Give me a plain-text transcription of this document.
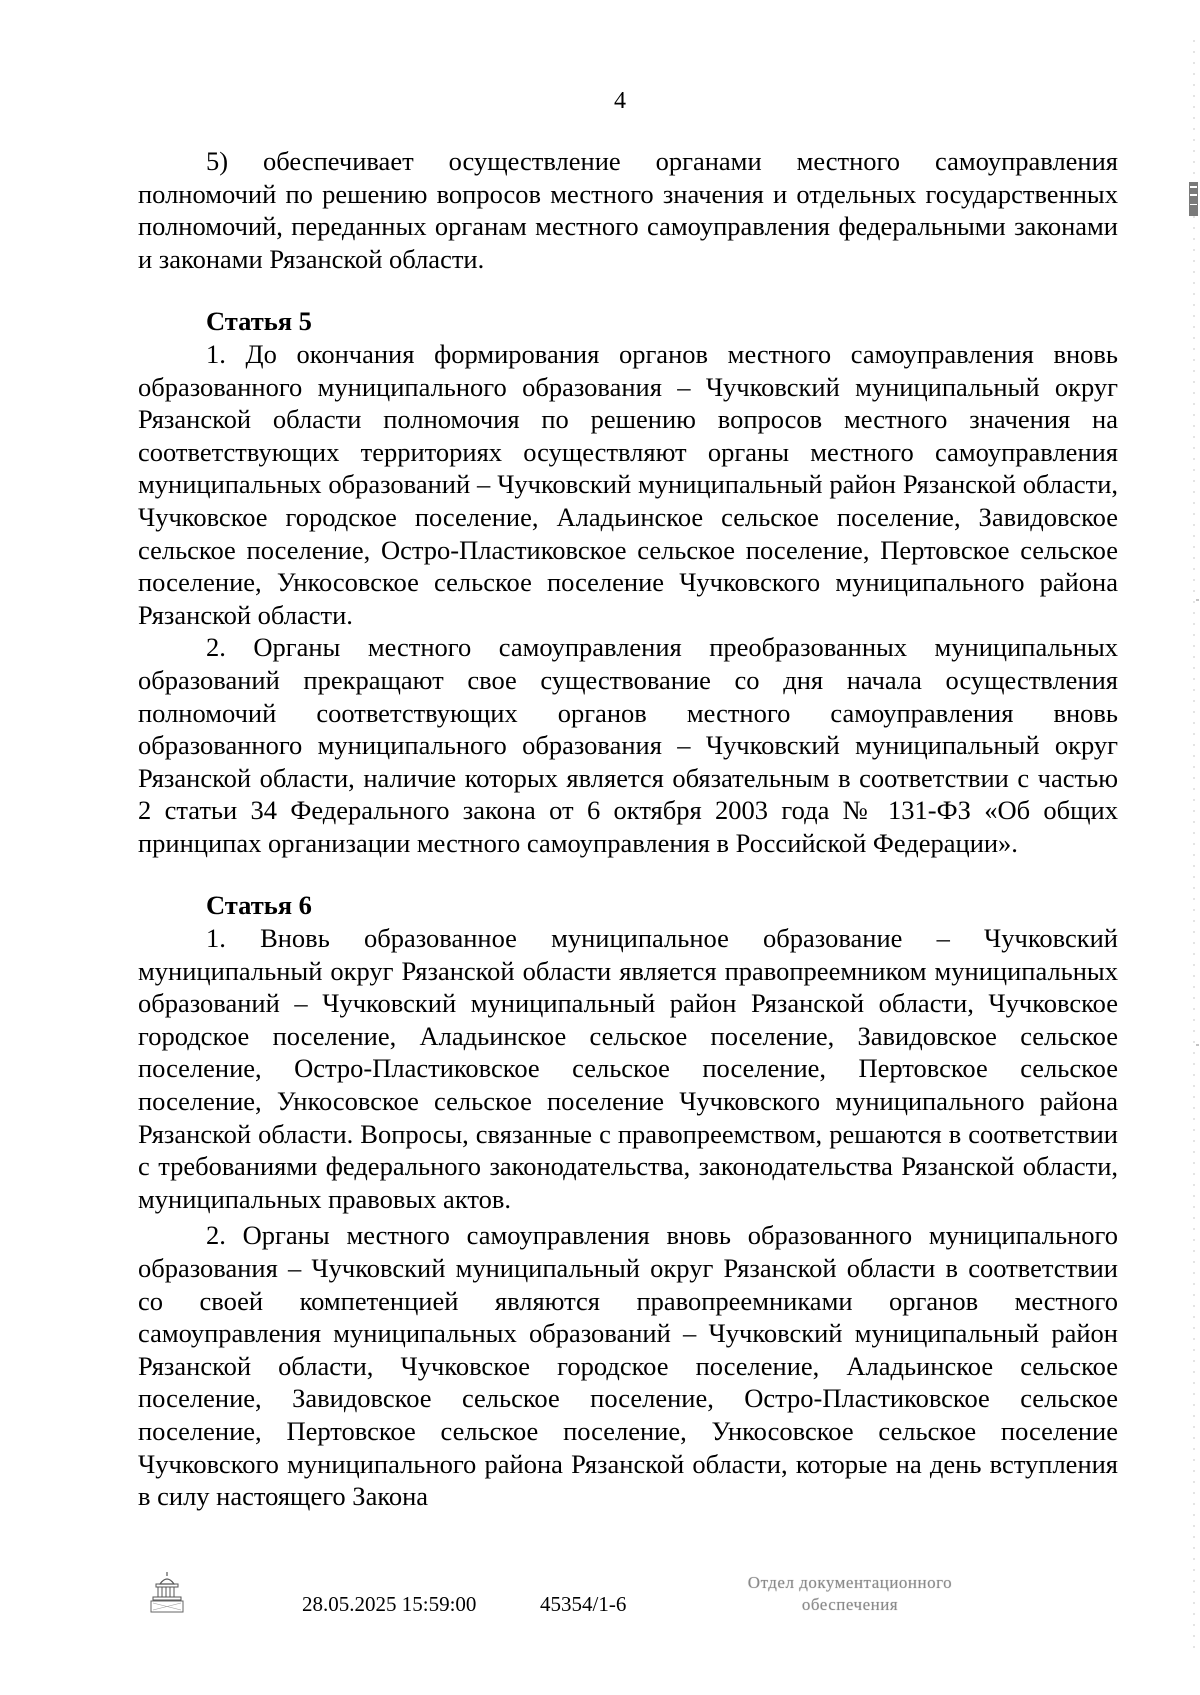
4

5) обеспечивает осуществление органами местного самоуправления полномочий по решению вопросов местного значения и отдельных государственных полномочий, переданных органам местного самоуправления федеральными законами и законами Рязанской области.

Статья 5

1. До окончания формирования органов местного самоуправления вновь образованного муниципального образования – Чучковский муниципальный округ Рязанской области полномочия по решению вопросов местного значения на соответствующих территориях осуществляют органы местного самоуправления муниципальных образований – Чучковский муниципальный район Рязанской области, Чучковское городское поселение, Аладьинское сельское поселение, Завидовское сельское поселение, Остро-Пластиковское сельское поселение, Пертовское сельское поселение, Ункосовское сельское поселение Чучковского муниципального района Рязанской области.

2. Органы местного самоуправления преобразованных муниципальных образований прекращают свое существование со дня начала осуществления полномочий соответствующих органов местного самоуправления вновь образованного муниципального образования – Чучковский муниципальный округ Рязанской области, наличие которых является обязательным в соответствии с частью 2 статьи 34 Федерального закона от 6 октября 2003 года № 131-ФЗ «Об общих принципах организации местного самоуправления в Российской Федерации».

Статья 6

1. Вновь образованное муниципальное образование – Чучковский муниципальный округ Рязанской области является правопреемником муниципальных образований – Чучковский муниципальный район Рязанской области, Чучковское городское поселение, Аладьинское сельское поселение, Завидовское сельское поселение, Остро-Пластиковское сельское поселение, Пертовское сельское поселение, Ункосовское сельское поселение Чучковского муниципального района Рязанской области. Вопросы, связанные с правопреемством, решаются в соответствии с требованиями федерального законодательства, законодательства Рязанской области, муниципальных правовых актов.

2. Органы местного самоуправления вновь образованного муниципального образования – Чучковский муниципальный округ Рязанской области в соответствии со своей компетенцией являются правопреемниками органов местного самоуправления муниципальных образований – Чучковский муниципальный район Рязанской области, Чучковское городское поселение, Аладьинское сельское поселение, Завидовское сельское поселение, Остро-Пластиковское сельское поселение, Пертовское сельское поселение, Ункосовское сельское поселение Чучковского муниципального района Рязанской области, которые на день вступления в силу настоящего Закона

28.05.2025 15:59:00	45354/1-6
Отдел документационного
обеспечения
